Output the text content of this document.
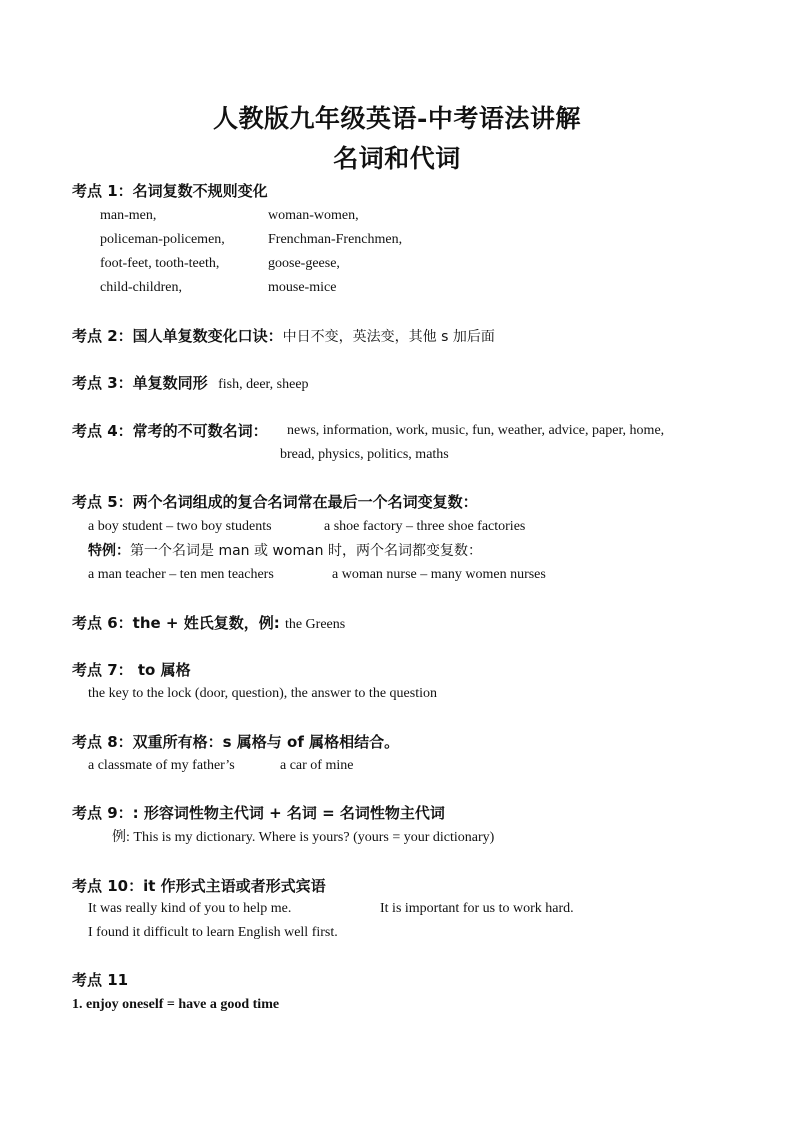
人教版九年级英语-中考语法讲解
名词和代词
考点 1：名词复数不规则变化
man-men,	woman-women,
policeman-policemen,	Frenchman-Frenchmen,
foot-feet, tooth-teeth,	goose-geese,
child-children,	mouse-mice
考点 2：国人单复数变化口诀：中日不变，英法变，其他 s 加后面
考点 3：单复数同形 fish, deer, sheep
考点 4：常考的不可数名词： news, information, work, music, fun, weather, advice, paper, home,
bread, physics, politics, maths
考点 5：两个名词组成的复合名词常在最后一个名词变复数：
a boy student – two boy students	a shoe factory – three shoe factories
特例：第一个名词是 man 或 woman 时，两个名词都变复数：
a man teacher – ten men teachers	a woman nurse – many women nurses
考点 6：the + 姓氏复数，例: the Greens
考点 7： to 属格
the key to the lock (door, question), the answer to the question
考点 8：双重所有格：s 属格与 of 属格相结合。
a classmate of my father’s	a car of mine
考点 9：: 形容词性物主代词 + 名词 = 名词性物主代词
例: This is my dictionary. Where is yours? (yours = your dictionary)
考点 10：it 作形式主语或者形式宾语
It was really kind of you to help me.	It is important for us to work hard.
I found it difficult to learn English well first.
考点 11
1. enjoy oneself = have a good time
